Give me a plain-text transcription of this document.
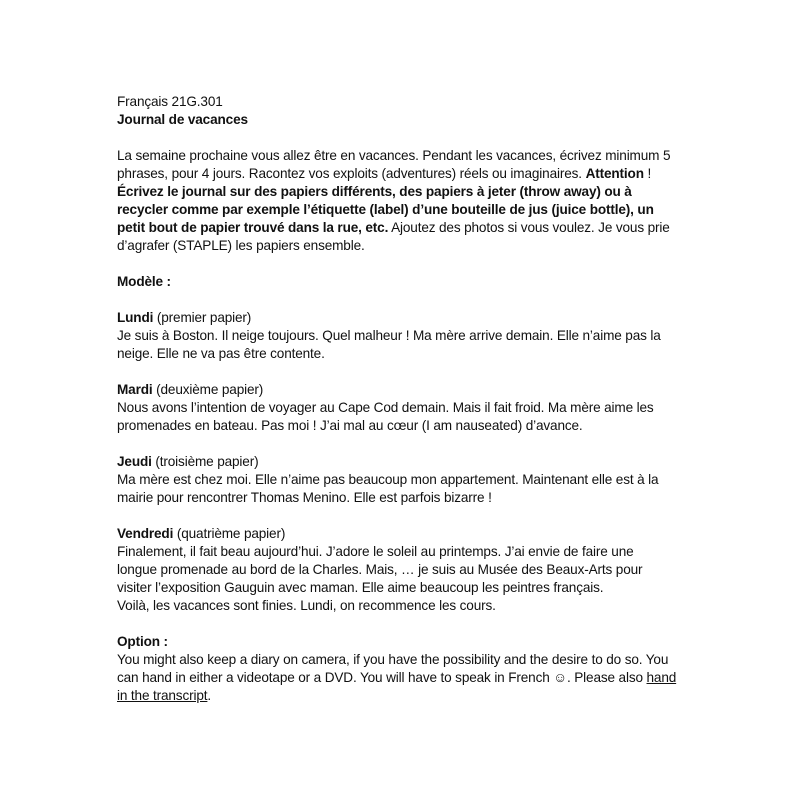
Français 21G.301

Journal de vacances

La semaine prochaine vous allez être en vacances. Pendant les vacances, écrivez minimum 5 phrases, pour 4 jours. Racontez vos exploits (adventures) réels ou imaginaires. Attention ! Écrivez le journal sur des papiers différents, des papiers à jeter (throw away) ou à recycler comme par exemple l’étiquette (label) d’une bouteille de jus (juice bottle), un petit bout de papier trouvé dans la rue, etc. Ajoutez des photos si vous voulez. Je vous prie d’agrafer (STAPLE) les papiers ensemble.

Modèle :

Lundi (premier papier)

Je suis à Boston. Il neige toujours. Quel malheur ! Ma mère arrive demain. Elle n’aime pas la neige. Elle ne va pas être contente.

Mardi (deuxième papier)

Nous avons l’intention de voyager au Cape Cod demain. Mais il fait froid. Ma mère aime les promenades en bateau. Pas moi ! J’ai mal au cœur (I am nauseated) d’avance.

Jeudi (troisième papier)

Ma mère est chez moi. Elle n’aime pas beaucoup mon appartement. Maintenant elle est à la mairie pour rencontrer Thomas Menino. Elle est parfois bizarre !

Vendredi (quatrième papier)

Finalement, il fait beau aujourd’hui. J’adore le soleil au printemps. J’ai envie de faire une longue promenade au bord de la Charles. Mais, … je suis au Musée des Beaux-Arts pour visiter l’exposition Gauguin avec maman. Elle aime beaucoup les peintres français.

Voilà, les vacances sont finies. Lundi, on recommence les cours.

Option :

You might also keep a diary on camera, if you have the possibility and the desire to do so. You can hand in either a videotape or a DVD. You will have to speak in French ☺. Please also hand in the transcript.
